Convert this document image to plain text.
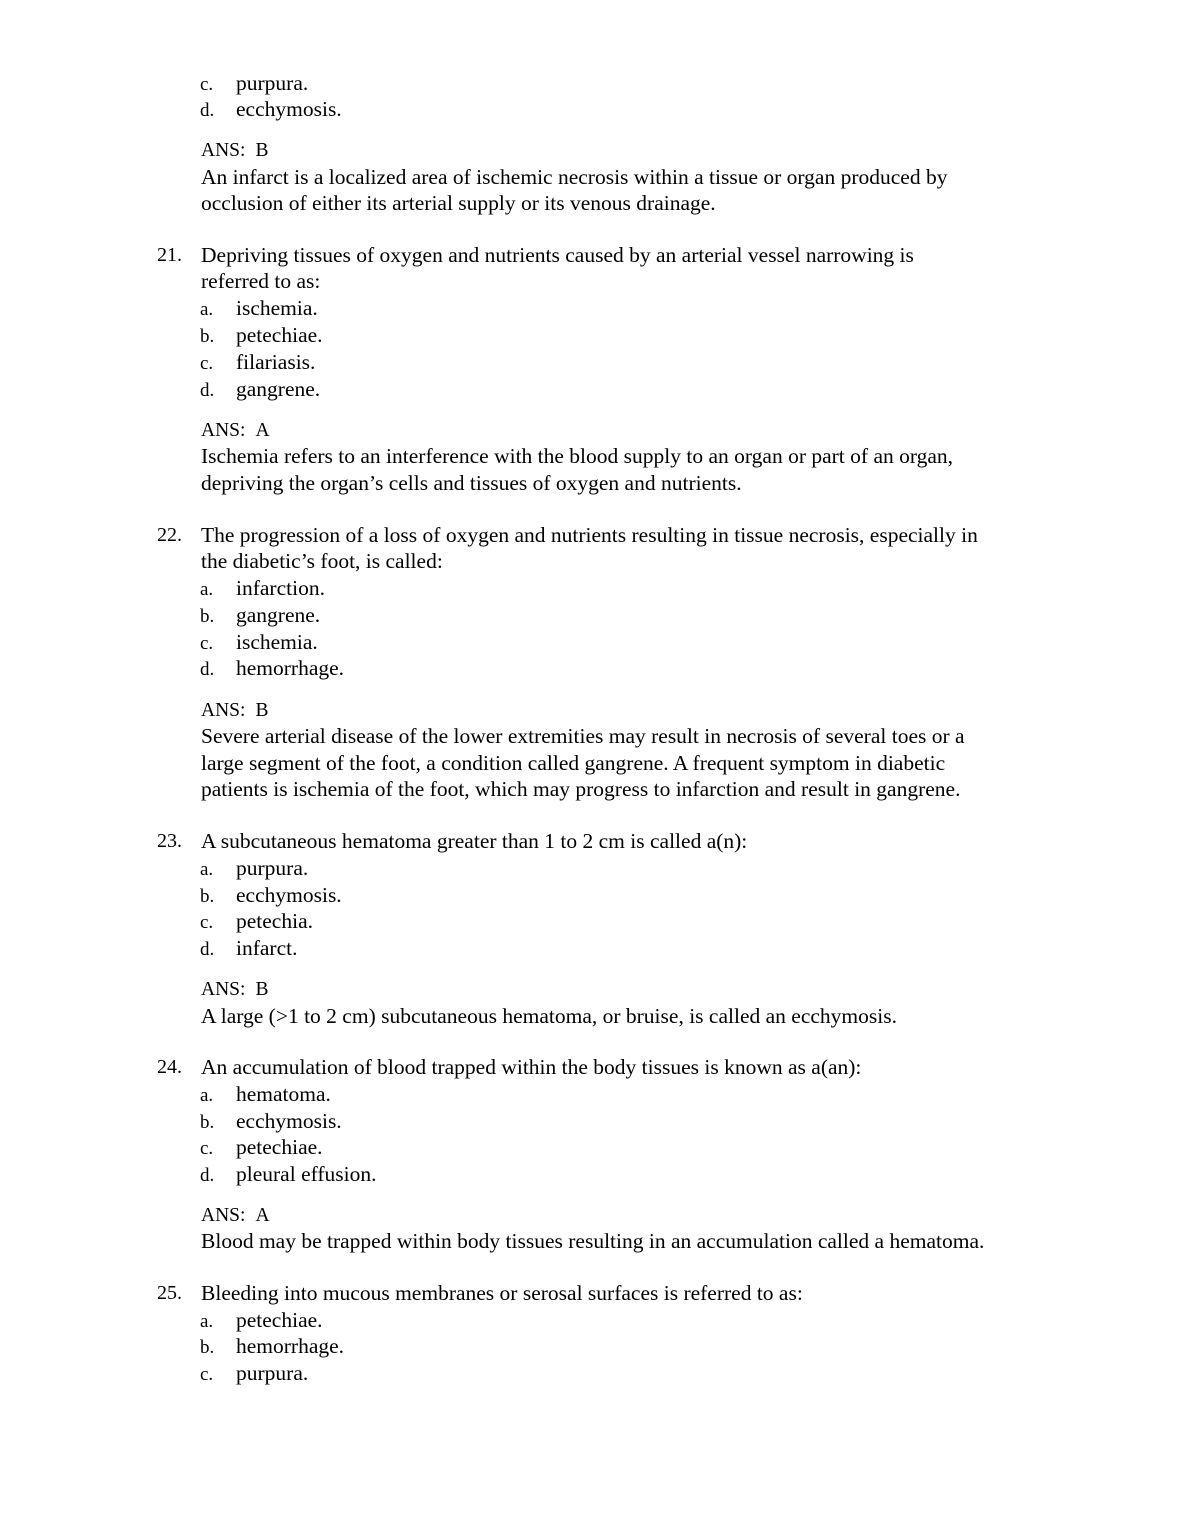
c. purpura.
d. ecchymosis.
ANS: B
An infarct is a localized area of ischemic necrosis within a tissue or organ produced by
occlusion of either its arterial supply or its venous drainage.
21. Depriving tissues of oxygen and nutrients caused by an arterial vessel narrowing is
referred to as:
a. ischemia.
b. petechiae.
c. filariasis.
d. gangrene.
ANS: A
Ischemia refers to an interference with the blood supply to an organ or part of an organ,
depriving the organ’s cells and tissues of oxygen and nutrients.
22. The progression of a loss of oxygen and nutrients resulting in tissue necrosis, especially in
the diabetic’s foot, is called:
a. infarction.
b. gangrene.
c. ischemia.
d. hemorrhage.
ANS: B
Severe arterial disease of the lower extremities may result in necrosis of several toes or a
large segment of the foot, a condition called gangrene. A frequent symptom in diabetic
patients is ischemia of the foot, which may progress to infarction and result in gangrene.
23. A subcutaneous hematoma greater than 1 to 2 cm is called a(n):
a. purpura.
b. ecchymosis.
c. petechia.
d. infarct.
ANS: B
A large (>1 to 2 cm) subcutaneous hematoma, or bruise, is called an ecchymosis.
24. An accumulation of blood trapped within the body tissues is known as a(an):
a. hematoma.
b. ecchymosis.
c. petechiae.
d. pleural effusion.
ANS: A
Blood may be trapped within body tissues resulting in an accumulation called a hematoma.
25. Bleeding into mucous membranes or serosal surfaces is referred to as:
a. petechiae.
b. hemorrhage.
c. purpura.
